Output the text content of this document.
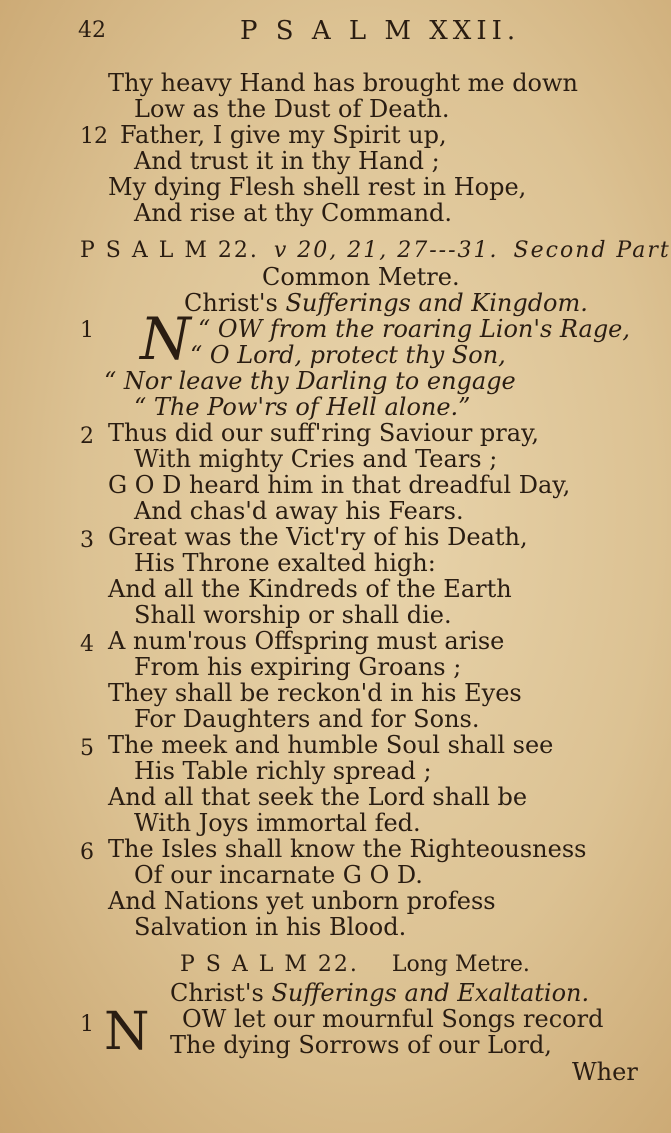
42	P S A L M XXII.
Thy heavy Hand has brought me down
Low as the Dust of Death.
12 Father, I give my Spirit up,
And trust it in thy Hand ;
My dying Flesh shell rest in Hope,
And rise at thy Command.
P S A L M 22. v 20, 21, 27---31. Second Part
Common Metre.
Christ's Sufferings and Kingdom.
1 N “ OW from the roaring Lion's Rage,
“ O Lord, protect thy Son,
“ Nor leave thy Darling to engage
“ The Pow'rs of Hell alone.”
2 Thus did our suff'ring Saviour pray,
With mighty Cries and Tears ;
G O D heard him in that dreadful Day,
And chas'd away his Fears.
3 Great was the Vict'ry of his Death,
His Throne exalted high:
And all the Kindreds of the Earth
Shall worship or shall die.
4 A num'rous Offspring must arise
From his expiring Groans ;
They shall be reckon'd in his Eyes
For Daughters and for Sons.
5 The meek and humble Soul shall see
His Table richly spread ;
And all that seek the Lord shall be
With Joys immortal fed.
6 The Isles shall know the Righteousness
Of our incarnate G O D.
And Nations yet unborn profess
Salvation in his Blood.
P S A L M 22. Long Metre.
Christ's Sufferings and Exaltation.
1 N OW let our mournful Songs record
The dying Sorrows of our Lord,
Wher
